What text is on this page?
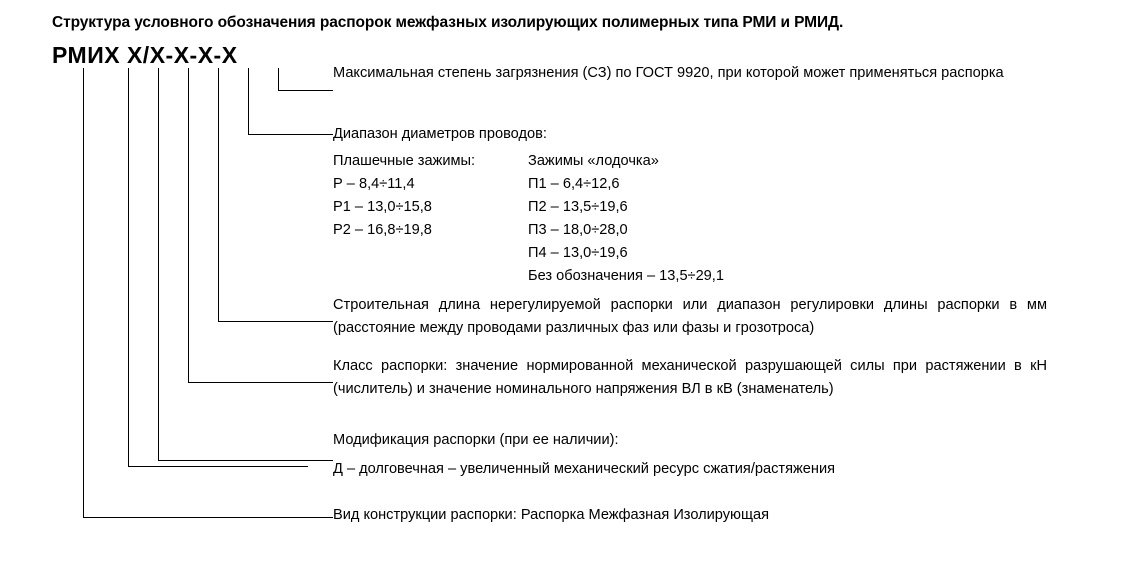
Структура условного обозначения распорок межфазных изолирующих полимерных типа РМИ и РМИД.
РМИХ X/X-X-X-X
Максимальная степень загрязнения (СЗ) по ГОСТ 9920, при которой может применяться распорка
Диапазон диаметров проводов:
Плашечные зажимы:
Р – 8,4÷11,4
Р1 – 13,0÷15,8
Р2 – 16,8÷19,8
Зажимы «лодочка»
П1 – 6,4÷12,6
П2 – 13,5÷19,6
П3 – 18,0÷28,0
П4 – 13,0÷19,6
Без обозначения – 13,5÷29,1
Строительная длина нерегулируемой распорки или диапазон регулировки длины распорки в мм (расстояние между проводами различных фаз или фазы и грозотроса)
Класс распорки: значение нормированной механической разрушающей силы при растяжении в кН (числитель) и значение номинального напряжения ВЛ в кВ (знаменатель)
Модификация распорки (при ее наличии):
Д – долговечная – увеличенный механический ресурс сжатия/растяжения
Вид конструкции распорки: Распорка Межфазная Изолирующая
